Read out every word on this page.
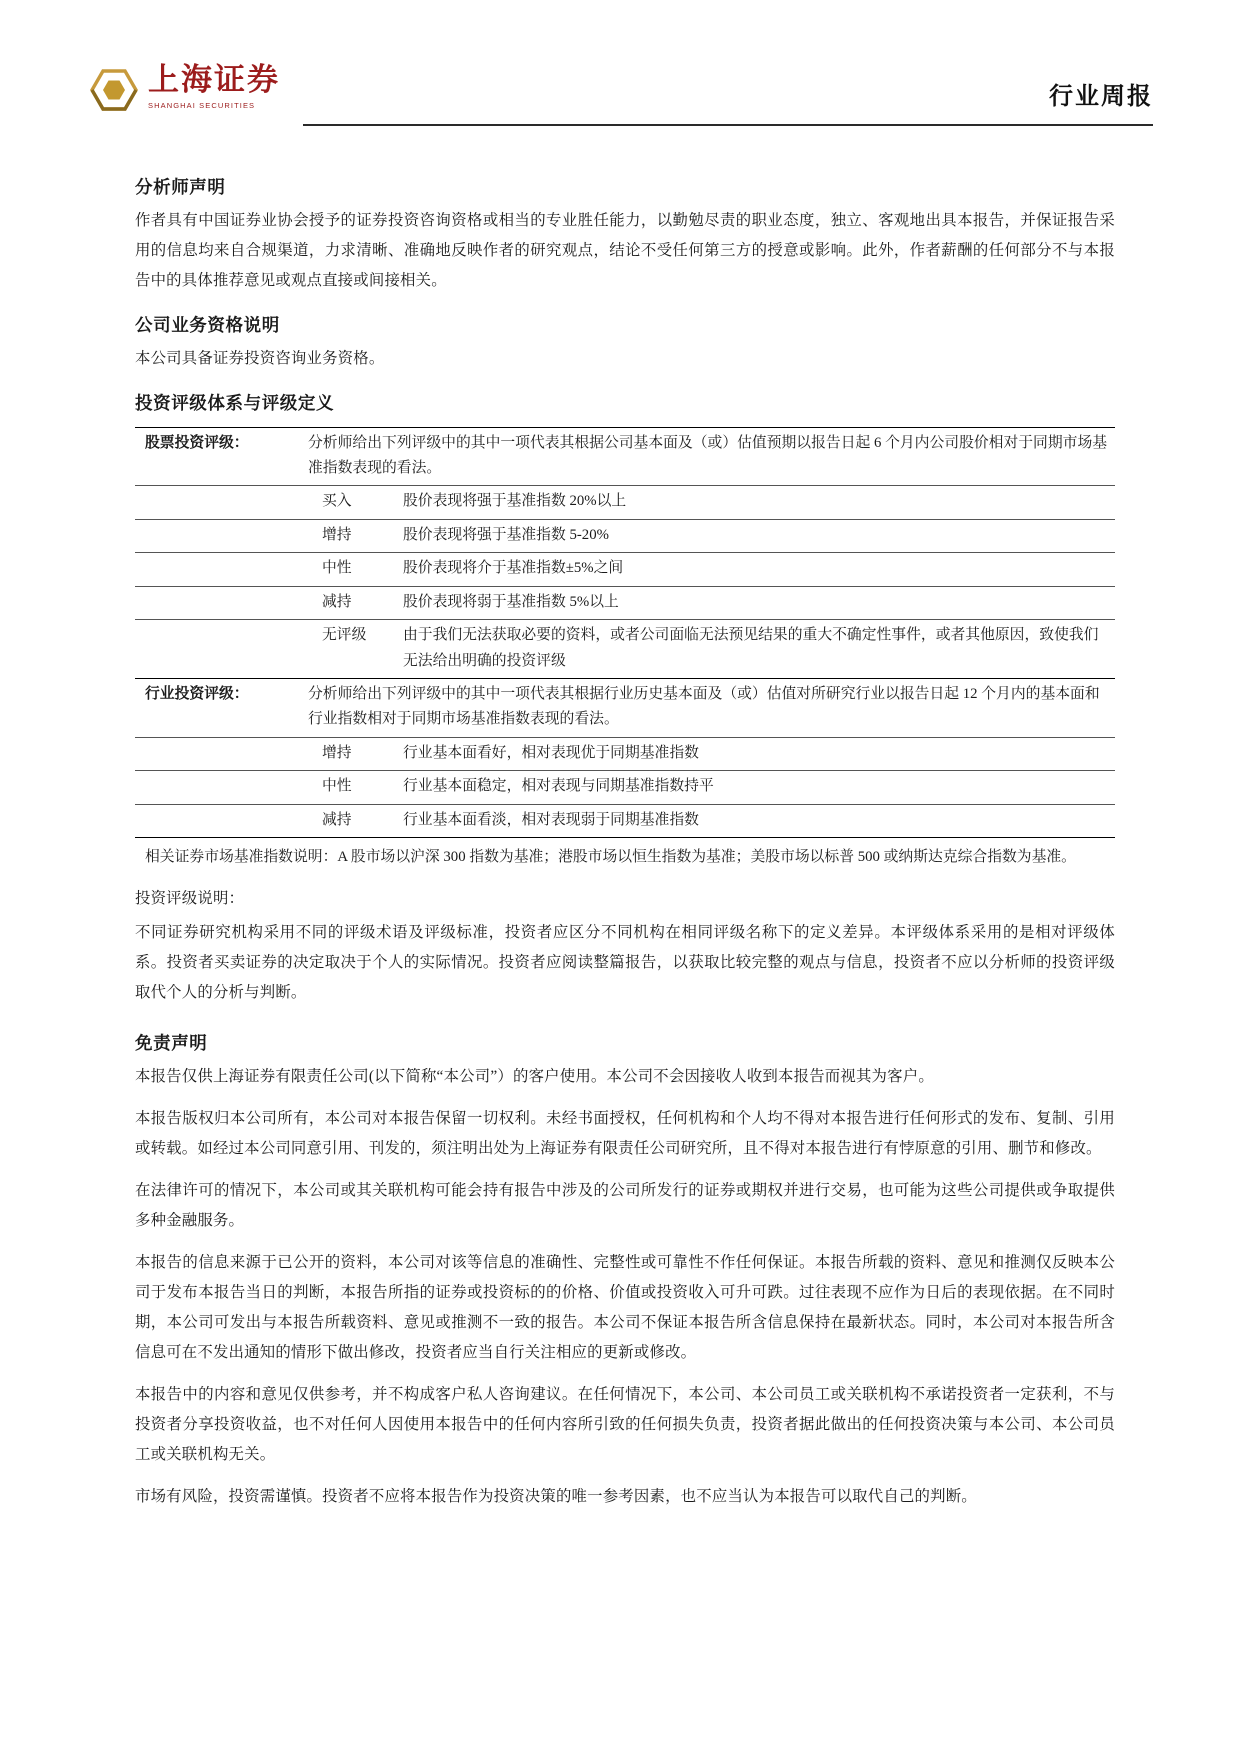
上海证券
SHANGHAI SECURITIES	行业周报
分析师声明

作者具有中国证券业协会授予的证券投资咨询资格或相当的专业胜任能力，以勤勉尽责的职业态度，独立、客观地出具本报告，并保证报告采用的信息均来自合规渠道，力求清晰、准确地反映作者的研究观点，结论不受任何第三方的授意或影响。此外，作者薪酬的任何部分不与本报告中的具体推荐意见或观点直接或间接相关。

公司业务资格说明

本公司具备证券投资咨询业务资格。

投资评级体系与评级定义
股票投资评级：	分析师给出下列评级中的其中一项代表其根据公司基本面及（或）估值预期以报告日起 6 个月内公司股价相对于同期市场基准指数表现的看法。	
	买入	股价表现将强于基准指数 20%以上
	增持	股价表现将强于基准指数 5-20%
	中性	股价表现将介于基准指数±5%之间
	减持	股价表现将弱于基准指数 5%以上
	无评级	由于我们无法获取必要的资料，或者公司面临无法预见结果的重大不确定性事件，或者其他原因，致使我们无法给出明确的投资评级
行业投资评级：	分析师给出下列评级中的其中一项代表其根据行业历史基本面及（或）估值对所研究行业以报告日起 12 个月内的基本面和行业指数相对于同期市场基准指数表现的看法。	
	增持	行业基本面看好，相对表现优于同期基准指数
	中性	行业基本面稳定，相对表现与同期基准指数持平
	减持	行业基本面看淡，相对表现弱于同期基准指数
相关证券市场基准指数说明：A 股市场以沪深 300 指数为基准；港股市场以恒生指数为基准；美股市场以标普 500 或纳斯达克综合指数为基准。		

投资评级说明：

不同证券研究机构采用不同的评级术语及评级标准，投资者应区分不同机构在相同评级名称下的定义差异。本评级体系采用的是相对评级体系。投资者买卖证券的决定取决于个人的实际情况。投资者应阅读整篇报告，以获取比较完整的观点与信息，投资者不应以分析师的投资评级取代个人的分析与判断。

免责声明

本报告仅供上海证券有限责任公司(以下简称“本公司”）的客户使用。本公司不会因接收人收到本报告而视其为客户。

本报告版权归本公司所有，本公司对本报告保留一切权利。未经书面授权，任何机构和个人均不得对本报告进行任何形式的发布、复制、引用或转载。如经过本公司同意引用、刊发的，须注明出处为上海证券有限责任公司研究所，且不得对本报告进行有悖原意的引用、删节和修改。

在法律许可的情况下，本公司或其关联机构可能会持有报告中涉及的公司所发行的证券或期权并进行交易，也可能为这些公司提供或争取提供多种金融服务。

本报告的信息来源于已公开的资料，本公司对该等信息的准确性、完整性或可靠性不作任何保证。本报告所载的资料、意见和推测仅反映本公司于发布本报告当日的判断，本报告所指的证券或投资标的的价格、价值或投资收入可升可跌。过往表现不应作为日后的表现依据。在不同时期，本公司可发出与本报告所载资料、意见或推测不一致的报告。本公司不保证本报告所含信息保持在最新状态。同时，本公司对本报告所含信息可在不发出通知的情形下做出修改，投资者应当自行关注相应的更新或修改。

本报告中的内容和意见仅供参考，并不构成客户私人咨询建议。在任何情况下，本公司、本公司员工或关联机构不承诺投资者一定获利，不与投资者分享投资收益，也不对任何人因使用本报告中的任何内容所引致的任何损失负责，投资者据此做出的任何投资决策与本公司、本公司员工或关联机构无关。

市场有风险，投资需谨慎。投资者不应将本报告作为投资决策的唯一参考因素，也不应当认为本报告可以取代自己的判断。
